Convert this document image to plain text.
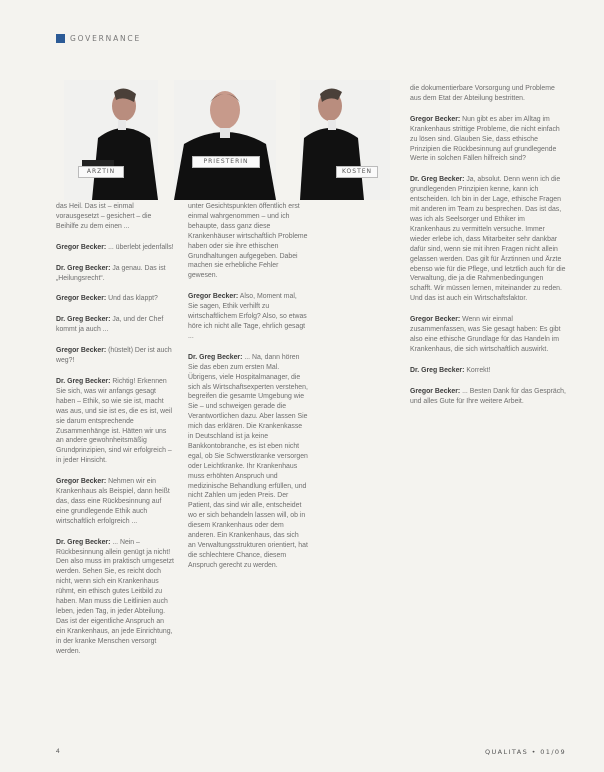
GOVERNANCE
ARZTIN
PRIESTERIN
KOSTEN

das Heil. Das ist – einmal vorausgesetzt – gesichert – die Beihilfe zu dem einen ...

Gregor Becker: ... überlebt jedenfalls!

Dr. Greg Becker: Ja genau. Das ist „Heilungsrecht“.

Gregor Becker: Und das klappt?

Dr. Greg Becker: Ja, und der Chef kommt ja auch ...

Gregor Becker: (hüstelt) Der ist auch weg?!

Dr. Greg Becker: Richtig! Erkennen Sie sich, was wir anfangs gesagt haben – Ethik, so wie sie ist, macht was aus, und sie ist es, die es ist, weil sie darum entsprechende Zusammenhänge ist. Hätten wir uns an andere gewohnheitsmäßig Grundprinzipien, sind wir erfolgreich – in jeder Hinsicht.

Gregor Becker: Nehmen wir ein Krankenhaus als Beispiel, dann heißt das, dass eine Rückbesinnung auf eine grundlegende Ethik auch wirtschaftlich erfolgreich ...

Dr. Greg Becker: ... Nein – Rückbesinnung allein genügt ja nicht! Den also muss im praktisch umgesetzt werden. Sehen Sie, es reicht doch nicht, wenn sich ein Krankenhaus rühmt, ein ethisch gutes Leitbild zu haben. Man muss die Leitlinien auch leben, jeden Tag, in jeder Abteilung. Das ist der eigentliche Anspruch an ein Krankenhaus, an jede Einrichtung, in der kranke Menschen versorgt werden.

unter Gesichtspunkten öffentlich erst einmal wahrgenommen – und ich behaupte, dass ganz diese Krankenhäuser wirtschaftlich Probleme haben oder sie ihre ethischen Grundhaltungen aufgegeben. Dabei machen sie erhebliche Fehler gewesen.

Gregor Becker: Also, Moment mal, Sie sagen, Ethik verhilft zu wirtschaftlichem Erfolg? Also, so etwas höre ich nicht alle Tage, ehrlich gesagt ...

Dr. Greg Becker: ... Na, dann hören Sie das eben zum ersten Mal. Übrigens, viele Hospitalmanager, die sich als Wirtschaftsexperten verstehen, begreifen die gesamte Umgebung wie Sie – und schweigen gerade die Verantwortlichen dazu. Aber lassen Sie mich das erklären. Die Krankenkasse in Deutschland ist ja keine Bankkontobranche, es ist eben nicht egal, ob Sie Schwerstkranke versorgen oder Leichtkranke. Ihr Krankenhaus muss erhöhten Anspruch und medizinische Behandlung erfüllen, und nicht Zahlen um jeden Preis. Der Patient, das sind wir alle, entscheidet wo er sich behandeln lassen will, ob in diesem Krankenhaus oder dem anderen. Ein Krankenhaus, das sich an Verwaltungsstrukturen orientiert, hat die schlechtere Chance, diesem Anspruch gerecht zu werden.

die dokumentierbare Vorsorgung und Probleme aus dem Etat der Abteilung bestritten.

Gregor Becker: Nun gibt es aber im Alltag im Krankenhaus strittige Probleme, die nicht einfach zu lösen sind. Glauben Sie, dass ethische Prinzipien die Rückbesinnung auf grundlegende Werte in solchen Fällen hilfreich sind?

Dr. Greg Becker: Ja, absolut. Denn wenn ich die grundlegenden Prinzipien kenne, kann ich entscheiden. Ich bin in der Lage, ethische Fragen mit anderen im Team zu besprechen. Das ist das, was ich als Seelsorger und Ethiker im Krankenhaus zu vermitteln versuche. Immer wieder erlebe ich, dass Mitarbeiter sehr dankbar dafür sind, wenn sie mit ihren Fragen nicht allein gelassen werden. Das gilt für Ärztinnen und Ärzte ebenso wie für die Pflege, und letztlich auch für die Verwaltung, die ja die Rahmenbedingungen schafft. Wir müssen lernen, miteinander zu reden. Und das ist auch ein Wirtschaftsfaktor.

Gregor Becker: Wenn wir einmal zusammenfassen, was Sie gesagt haben: Es gibt also eine ethische Grundlage für das Handeln im Krankenhaus, die sich wirtschaftlich auswirkt.

Dr. Greg Becker: Korrekt!

Gregor Becker: ... Besten Dank für das Gespräch, und alles Gute für Ihre weitere Arbeit.

4	QUALITAS • 01/09
